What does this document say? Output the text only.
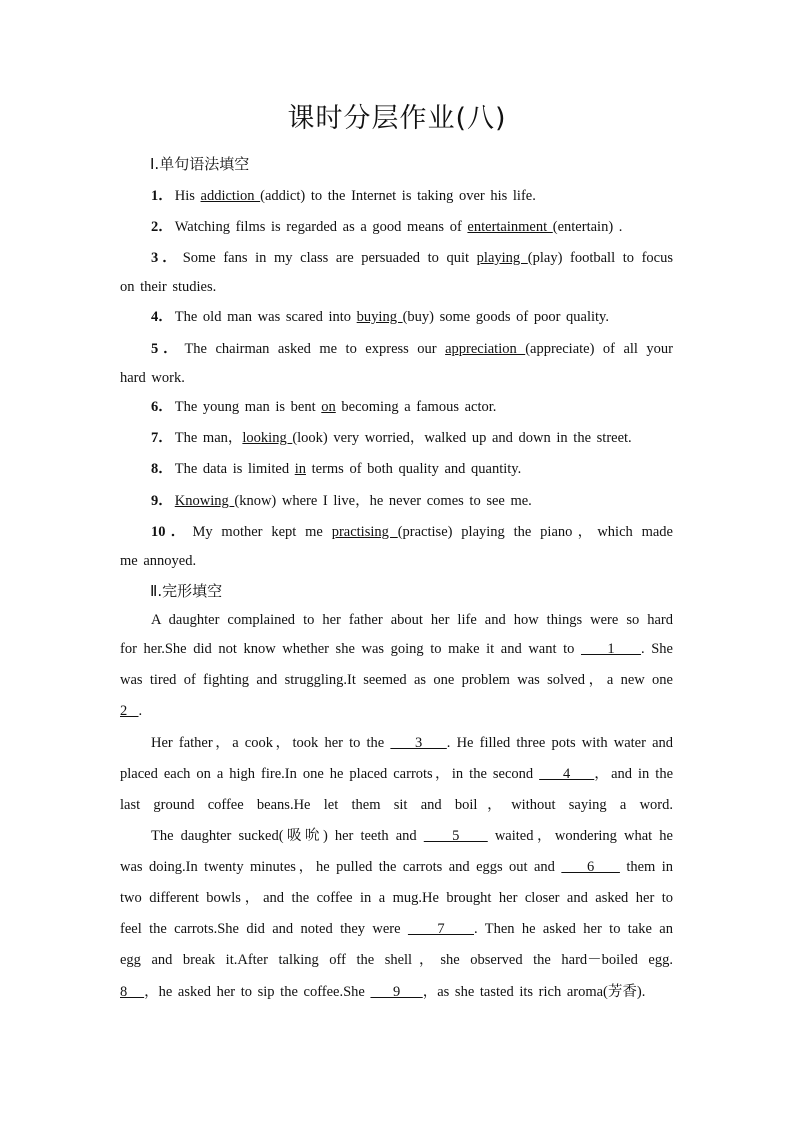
课时分层作业(八)
Ⅰ.单句语法填空
1． His addiction (addict) to the Internet is taking over his life.
2． Watching films is regarded as a good means of entertainment (entertain) .
3． Some fans in my class are persuaded to quit playing (play) football to focus
on their studies.
4． The old man was scared into buying (buy) some goods of poor quality.
5． The chairman asked me to express our appreciation (appreciate) of all your
hard work.
6． The young man is bent on becoming a famous actor.
7． The man，looking (look) very worried，walked up and down in the street.
8． The data is limited in terms of both quality and quantity.
9． Knowing (know) where I live，he never comes to see me.
10． My mother kept me practising (practise) playing the piano，which made
me annoyed.
Ⅱ.完形填空
A daughter complained to her father about her life and how things were so hard
for her.She did not know whether she was going to make it and want to     1    . She
was tired of fighting and struggling.It seemed as one problem was solved，a new one
2  .
Her father，a cook，took her to the     3    . He filled three pots with water and
placed each on a high fire.In one he placed carrots，in the second     4    ，and in the
last ground coffee beans.He let them sit and boil，without saying a word.
The daughter sucked(吸吮) her teeth and     5     waited，wondering what he
was doing.In twenty minutes，he pulled the carrots and eggs out and     6     them in
two different bowls，and the coffee in a mug.He brought her closer and asked her to
feel the carrots.She did and noted they were     7    . Then he asked her to take an
egg and break it.After talking off the shell，she observed the hard－boiled egg.
8   ，he asked her to sip the coffee.She     9    ，as she tasted its rich aroma(芳香).
